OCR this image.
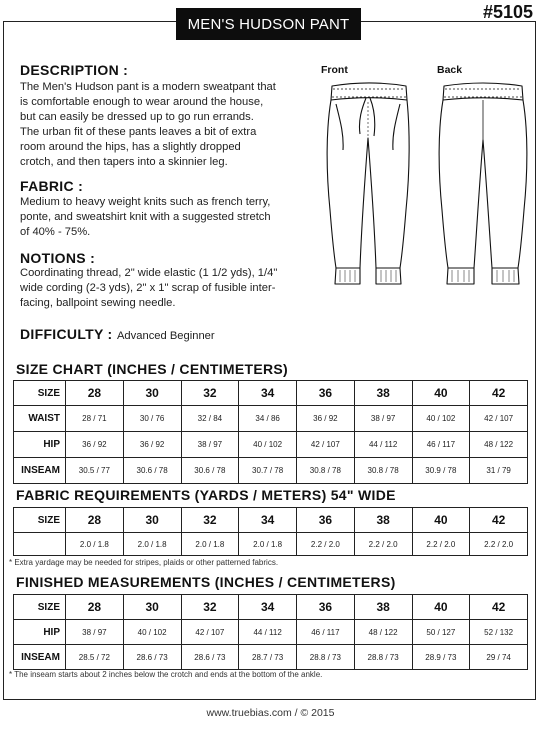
MEN'S HUDSON PANT
#5105
DESCRIPTION :
The Men's Hudson pant is a modern sweatpant that
is comfortable enough to wear around the house,
but can easily be dressed up to go run errands.
The urban fit of these pants leaves a bit of extra
room around the hips, has a slightly dropped
crotch, and then tapers into a skinnier leg.
FABRIC :
Medium to heavy weight knits such as french terry,
ponte, and sweatshirt knit with a suggested stretch
of 40% - 75%.
NOTIONS :
Coordinating thread, 2" wide elastic (1 1/2 yds), 1/4"
wide cording (2-3 yds), 2" x 1" scrap of fusible inter-
facing, ballpoint sewing needle.
DIFFICULTY : Advanced Beginner
Front	Back
SIZE CHART (INCHES / CENTIMETERS)
SIZE	28	30	32	34	36	38	40	42
WAIST	28 / 71	30 / 76	32 / 84	34 / 86	36 / 92	38 / 97	40 / 102	42 / 107
HIP	36 / 92	36 / 92	38 / 97	40 / 102	42 / 107	44 / 112	46 / 117	48 / 122
INSEAM	30.5 / 77	30.6 / 78	30.6 / 78	30.7 / 78	30.8 / 78	30.8 / 78	30.9 / 78	31 / 79
FABRIC REQUIREMENTS (YARDS / METERS) 54" WIDE
SIZE	28	30	32	34	36	38	40	42
	2.0 / 1.8	2.0 / 1.8	2.0 / 1.8	2.0 / 1.8	2.2 / 2.0	2.2 / 2.0	2.2 / 2.0	2.2 / 2.0
* Extra yardage may be needed for stripes, plaids or other patterned fabrics.
FINISHED MEASUREMENTS (INCHES / CENTIMETERS)
SIZE	28	30	32	34	36	38	40	42
HIP	38 / 97	40 / 102	42 / 107	44 / 112	46 / 117	48 / 122	50 / 127	52 / 132
INSEAM	28.5 / 72	28.6 / 73	28.6 / 73	28.7 / 73	28.8 / 73	28.8 / 73	28.9 / 73	29 / 74
* The inseam starts about 2 inches below the crotch and ends at the bottom of the ankle.
www.truebias.com / © 2015
